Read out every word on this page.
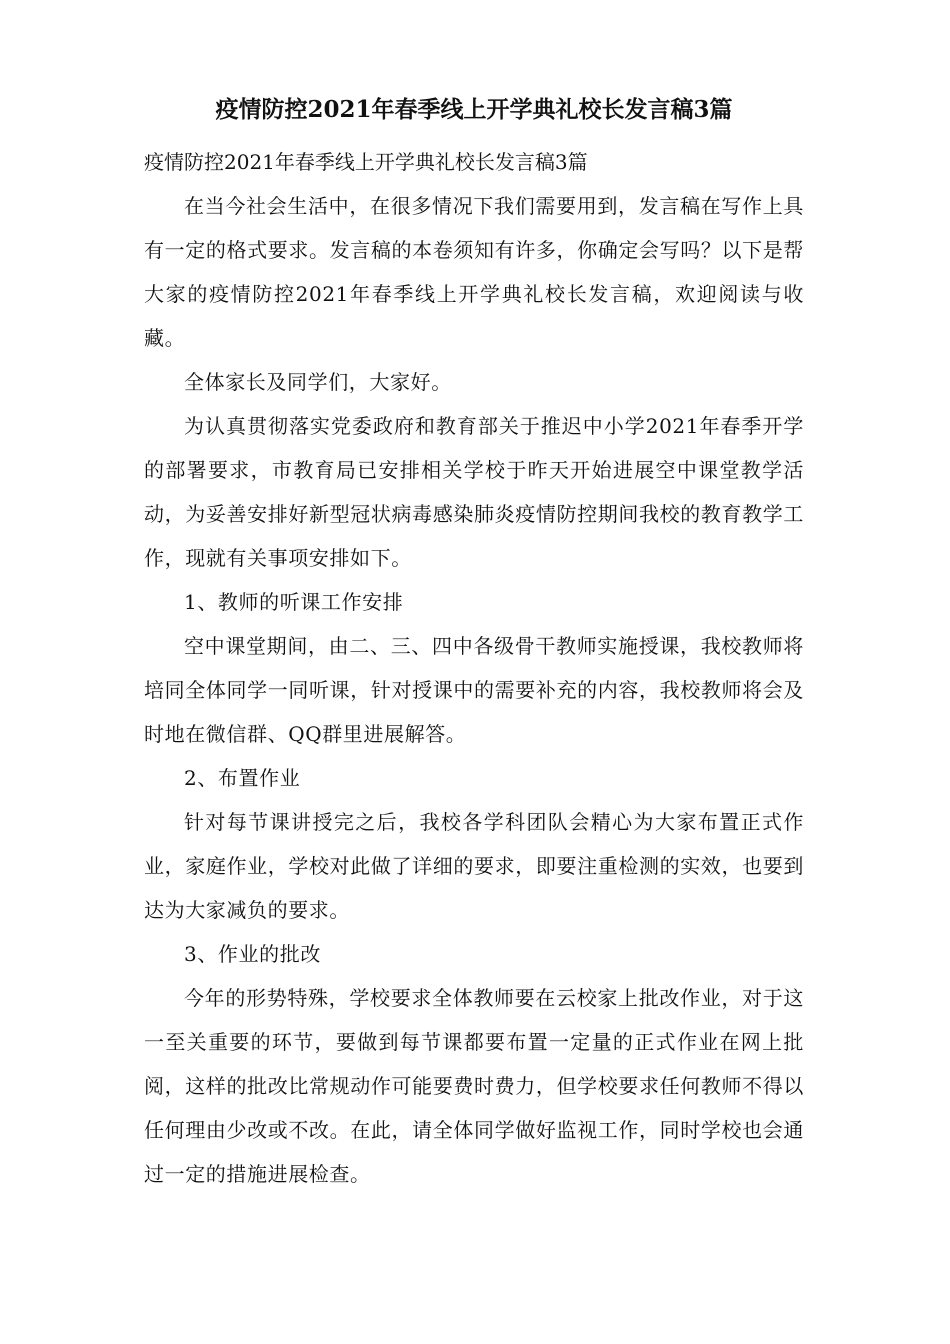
疫情防控2021年春季线上开学典礼校长发言稿3篇

疫情防控2021年春季线上开学典礼校长发言稿3篇

在当今社会生活中，在很多情况下我们需要用到，发言稿在写作上具有一定的格式要求。发言稿的本卷须知有许多，你确定会写吗？以下是帮大家的疫情防控2021年春季线上开学典礼校长发言稿，欢迎阅读与收藏。

全体家长及同学们，大家好。

为认真贯彻落实党委政府和教育部关于推迟中小学2021年春季开学的部署要求，市教育局已安排相关学校于昨天开始进展空中课堂教学活动，为妥善安排好新型冠状病毒感染肺炎疫情防控期间我校的教育教学工作，现就有关事项安排如下。

1、教师的听课工作安排

空中课堂期间，由二、三、四中各级骨干教师实施授课，我校教师将培同全体同学一同听课，针对授课中的需要补充的内容，我校教师将会及时地在微信群、QQ群里进展解答。

2、布置作业

针对每节课讲授完之后，我校各学科团队会精心为大家布置正式作业，家庭作业，学校对此做了详细的要求，即要注重检测的实效，也要到达为大家减负的要求。

3、作业的批改

今年的形势特殊，学校要求全体教师要在云校家上批改作业，对于这一至关重要的环节，要做到每节课都要布置一定量的正式作业在网上批阅，这样的批改比常规动作可能要费时费力，但学校要求任何教师不得以任何理由少改或不改。在此，请全体同学做好监视工作，同时学校也会通过一定的措施进展检查。
